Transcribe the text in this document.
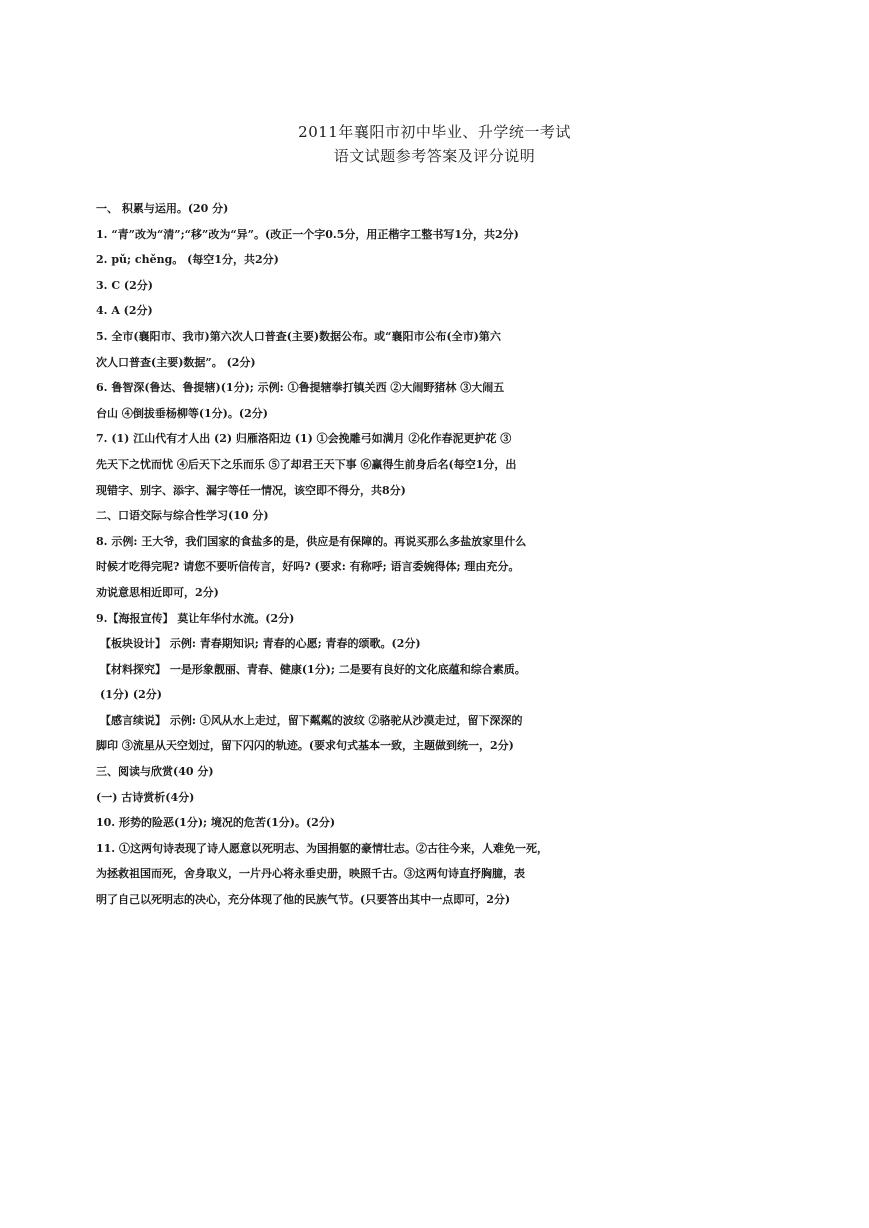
2011年襄阳市初中毕业、升学统一考试
语文试题参考答案及评分说明
一、 积累与运用。(20 分)
1. “青”改为“清”;“移”改为“异”。(改正一个字0.5分，用正楷字工整书写1分，共2分)
2. pǔ; chěng。 (每空1分，共2分)
3. C (2分)
4. A (2分)
5. 全市(襄阳市、我市)第六次人口普查(主要)数据公布。或“襄阳市公布(全市)第六
次人口普查(主要)数据”。 (2分)
6. 鲁智深(鲁达、鲁提辖)(1分); 示例: ①鲁提辖拳打镇关西 ②大闹野猪林 ③大闹五
台山 ④倒拔垂杨柳等(1分)。(2分)
7. (1) 江山代有才人出 (2) 归雁洛阳边 (1) ①会挽雕弓如满月 ②化作春泥更护花 ③
先天下之忧而忧 ④后天下之乐而乐 ⑤了却君王天下事 ⑥赢得生前身后名(每空1分，出
现错字、别字、添字、漏字等任一情况，该空即不得分，共8分)
二、口语交际与综合性学习(10 分)
8. 示例: 王大爷，我们国家的食盐多的是，供应是有保障的。再说买那么多盐放家里什么
时候才吃得完呢? 请您不要听信传言，好吗? (要求: 有称呼; 语言委婉得体; 理由充分。
劝说意思相近即可，2分)
9.【海报宣传】 莫让年华付水流。(2分)
【板块设计】 示例: 青春期知识; 青春的心愿; 青春的颂歌。(2分)
【材料探究】 一是形象靓丽、青春、健康(1分); 二是要有良好的文化底蕴和综合素质。
(1分) (2分)
【感言续说】 示例: ①风从水上走过，留下粼粼的波纹 ②骆驼从沙漠走过，留下深深的
脚印 ③流星从天空划过，留下闪闪的轨迹。(要求句式基本一致，主题做到统一，2分)
三、阅读与欣赏(40 分)
(一) 古诗赏析(4分)
10. 形势的险恶(1分); 境况的危苦(1分)。(2分)
11. ①这两句诗表现了诗人愿意以死明志、为国捐躯的豪情壮志。②古往今来，人难免一死，
为拯救祖国而死，舍身取义，一片丹心将永垂史册，映照千古。③这两句诗直抒胸臆，表
明了自己以死明志的决心，充分体现了他的民族气节。(只要答出其中一点即可，2分)
